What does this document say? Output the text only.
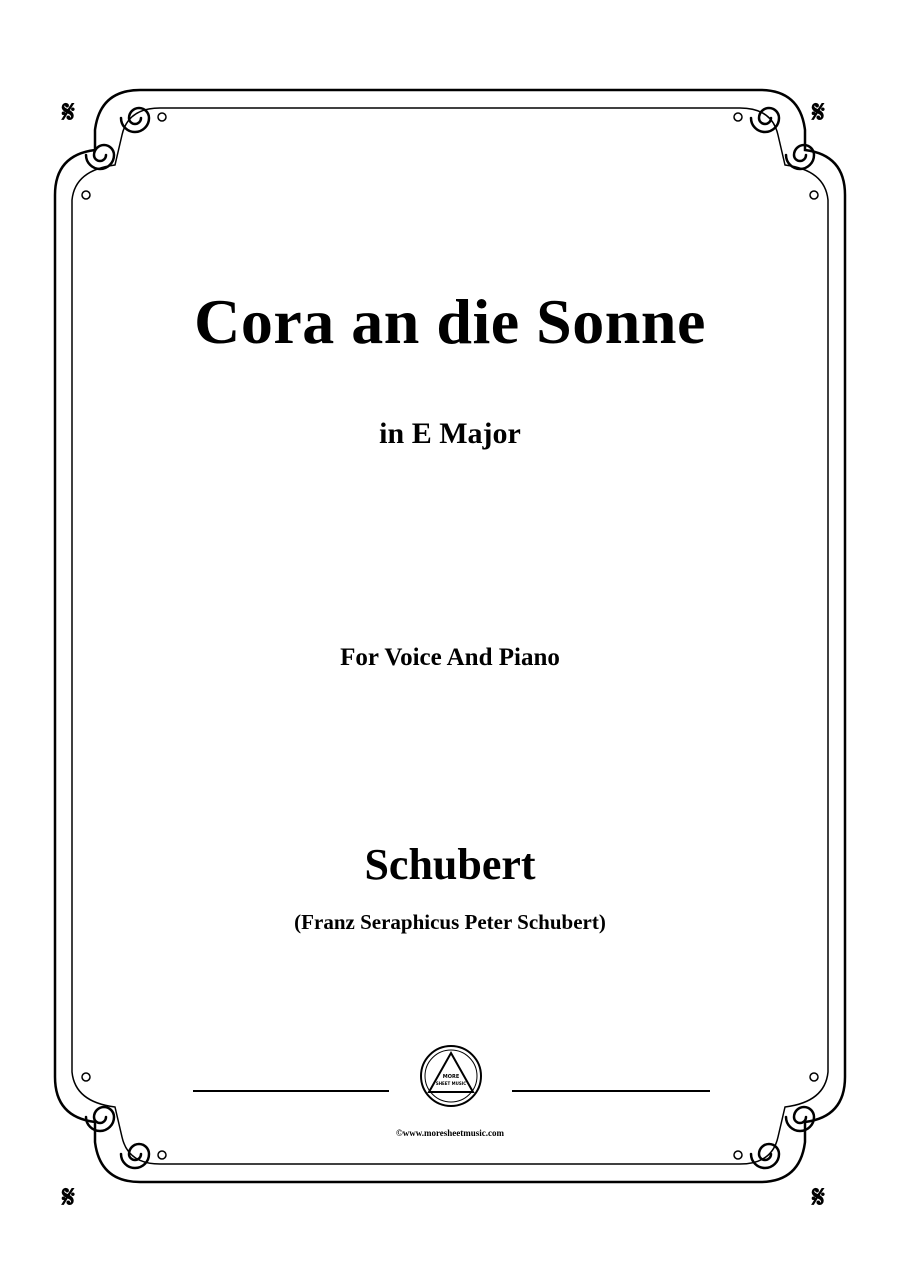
𝄋	𝄋
𝄋	𝄋
Cora an die Sonne
in E Major
For Voice And Piano
Schubert
(Franz Seraphicus Peter Schubert)
MORE
SHEET MUSIC
©www.moresheetmusic.com
